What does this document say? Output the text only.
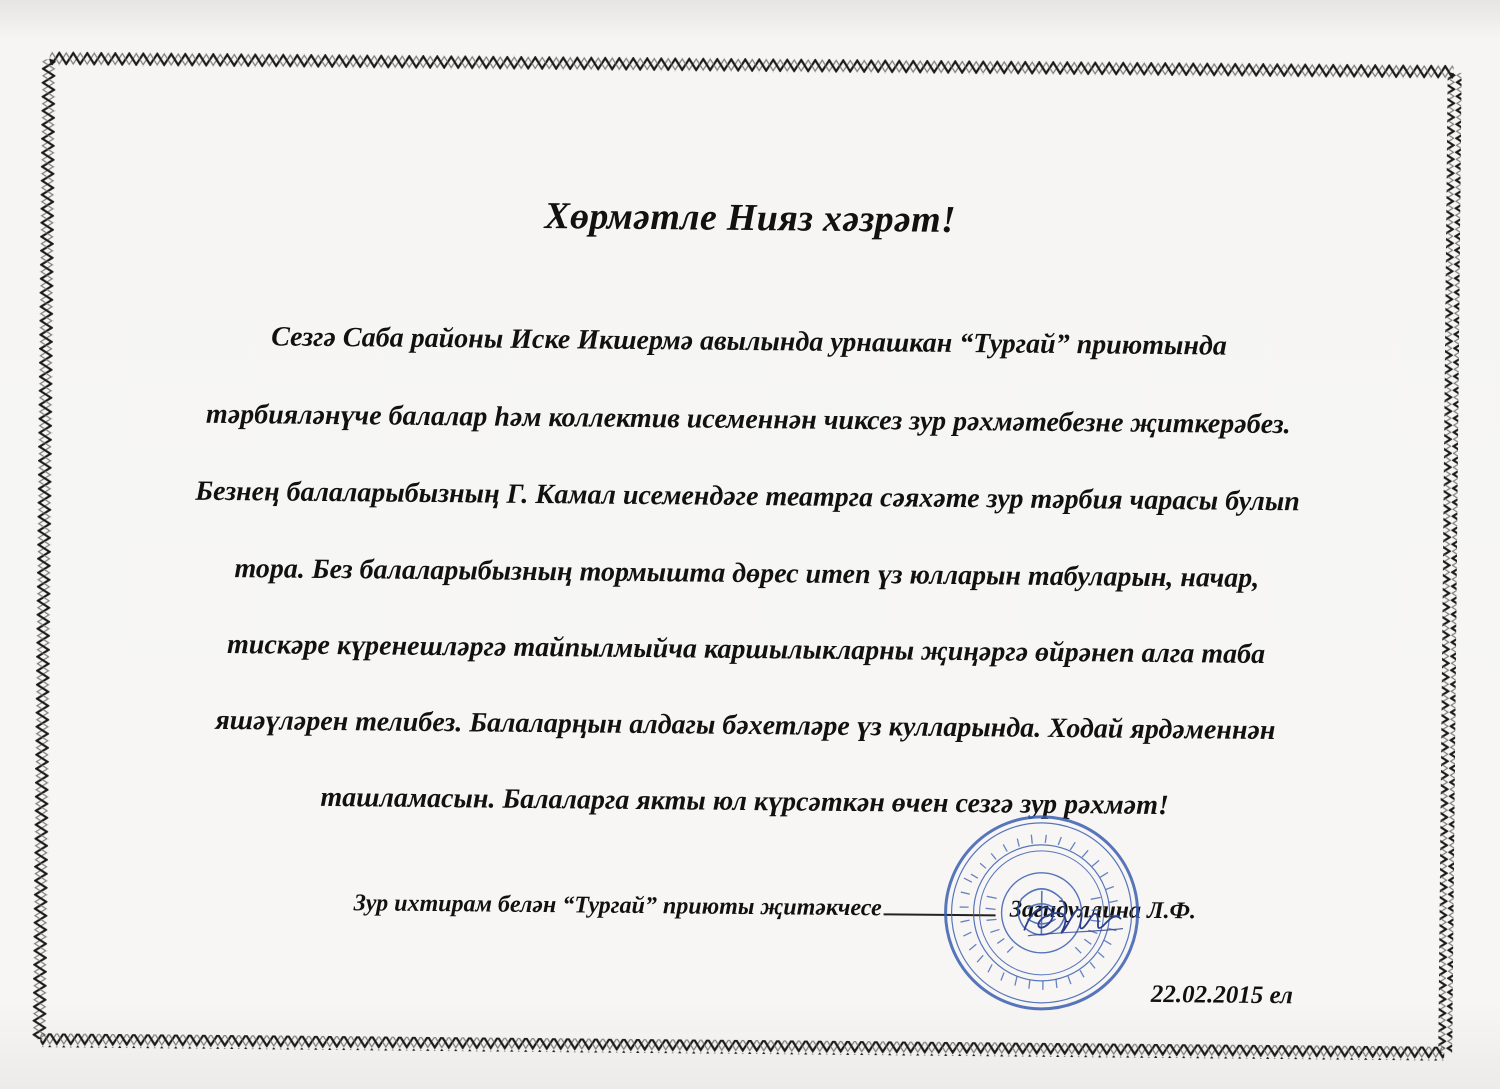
Хөрмәтле Нияз хәзрәт!
Сезгә Саба районы Иске Икшермә авылында урнашкан “Тургай” приютында
тәрбияләнүче балалар һәм коллектив исеменнән чиксез зур рәхмәтебезне җиткерәбез.
Безнең балаларыбызның Г. Камал исемендәге театрга сәяхәте зур тәрбия чарасы булып
тора. Без балаларыбызның тормышта дөрес итеп үз юлларын табуларын, начар,
тискәре күренешләргә тайпылмыйча каршылыкларны җиңәргә өйрәнеп алга таба
яшәүләрен телибез. Балаларңын алдагы бәхетләре үз кулларында. Ходай ярдәменнән
ташламасын. Балаларга якты юл күрсәткән өчен сезгә зур рәхмәт!
Зур ихтирам белән “Тургай” приюты җитәкчесе	Загидуллина Л.Ф.
22.02.2015 ел
